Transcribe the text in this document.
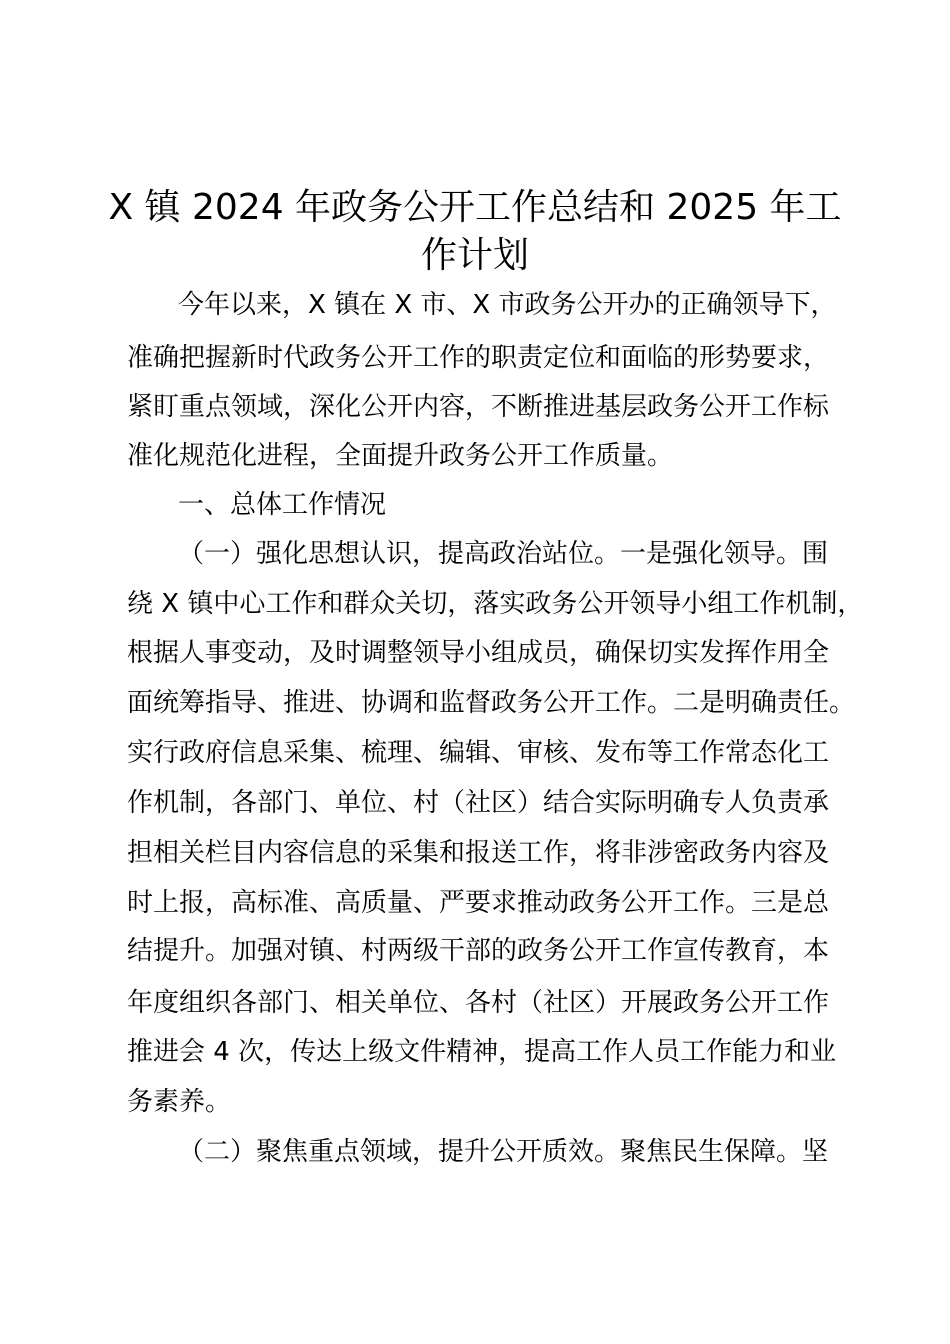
X 镇 2024 年政务公开工作总结和 2025 年工
作计划

今年以来，X 镇在 X 市、X 市政务公开办的正确领导下，

准确把握新时代政务公开工作的职责定位和面临的形势要求，

紧盯重点领域，深化公开内容，不断推进基层政务公开工作标

准化规范化进程，全面提升政务公开工作质量。

一、总体工作情况

（一）强化思想认识，提高政治站位。一是强化领导。围

绕 X 镇中心工作和群众关切，落实政务公开领导小组工作机制，

根据人事变动，及时调整领导小组成员，确保切实发挥作用全

面统筹指导、推进、协调和监督政务公开工作。二是明确责任。

实行政府信息采集、梳理、编辑、审核、发布等工作常态化工

作机制，各部门、单位、村（社区）结合实际明确专人负责承

担相关栏目内容信息的采集和报送工作，将非涉密政务内容及

时上报，高标准、高质量、严要求推动政务公开工作。三是总

结提升。加强对镇、村两级干部的政务公开工作宣传教育，本

年度组织各部门、相关单位、各村（社区）开展政务公开工作

推进会 4 次，传达上级文件精神，提高工作人员工作能力和业

务素养。

（二）聚焦重点领域，提升公开质效。聚焦民生保障。坚
